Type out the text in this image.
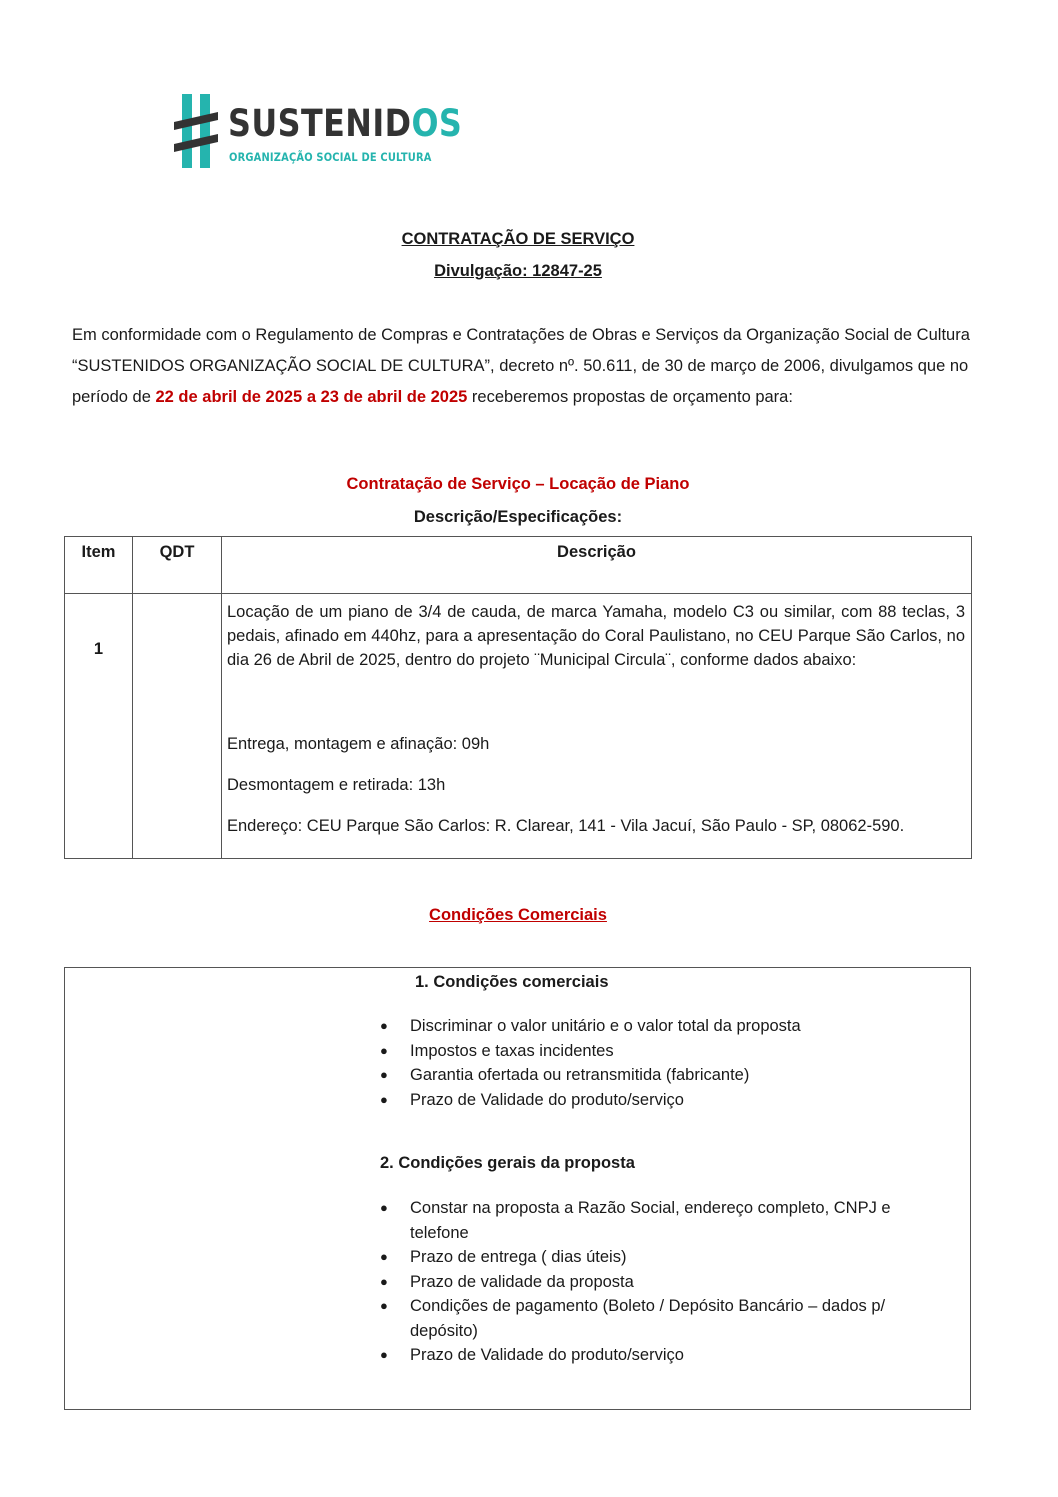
SUSTENIDOS
ORGANIZAÇÃO SOCIAL DE CULTURA
CONTRATAÇÃO DE SERVIÇO
Divulgação: 12847-25
Em conformidade com o Regulamento de Compras e Contratações de Obras e Serviços da Organização Social de Cultura “SUSTENIDOS ORGANIZAÇÃO SOCIAL DE CULTURA”, decreto nº. 50.611, de 30 de março de 2006, divulgamos que no período de 22 de abril de 2025 a 23 de abril de 2025 receberemos propostas de orçamento para:
Contratação de Serviço – Locação de Piano
Descrição/Especificações:
Item	QDT	Descrição
1		Locação de um piano de 3/4 de cauda, de marca Yamaha, modelo C3 ou similar, com 88 teclas, 3 pedais, afinado em 440hz, para a apresentação do Coral Paulistano, no CEU Parque São Carlos, no dia 26 de Abril de 2025, dentro do projeto ¨Municipal Circula¨, conforme dados abaixo:

Entrega, montagem e afinação: 09h

Desmontagem e retirada: 13h

Endereço: CEU Parque São Carlos: R. Clarear, 141 - Vila Jacuí, São Paulo - SP, 08062-590.

Condições Comerciais
1. Condições comerciais
● Discriminar o valor unitário e o valor total da proposta
● Impostos e taxas incidentes
● Garantia ofertada ou retransmitida (fabricante)
● Prazo de Validade do produto/serviço
2. Condições gerais da proposta
● Constar na proposta a Razão Social, endereço completo, CNPJ e telefone
● Prazo de entrega ( dias úteis)
● Prazo de validade da proposta
● Condições de pagamento (Boleto / Depósito Bancário – dados p/ depósito)
● Prazo de Validade do produto/serviço
